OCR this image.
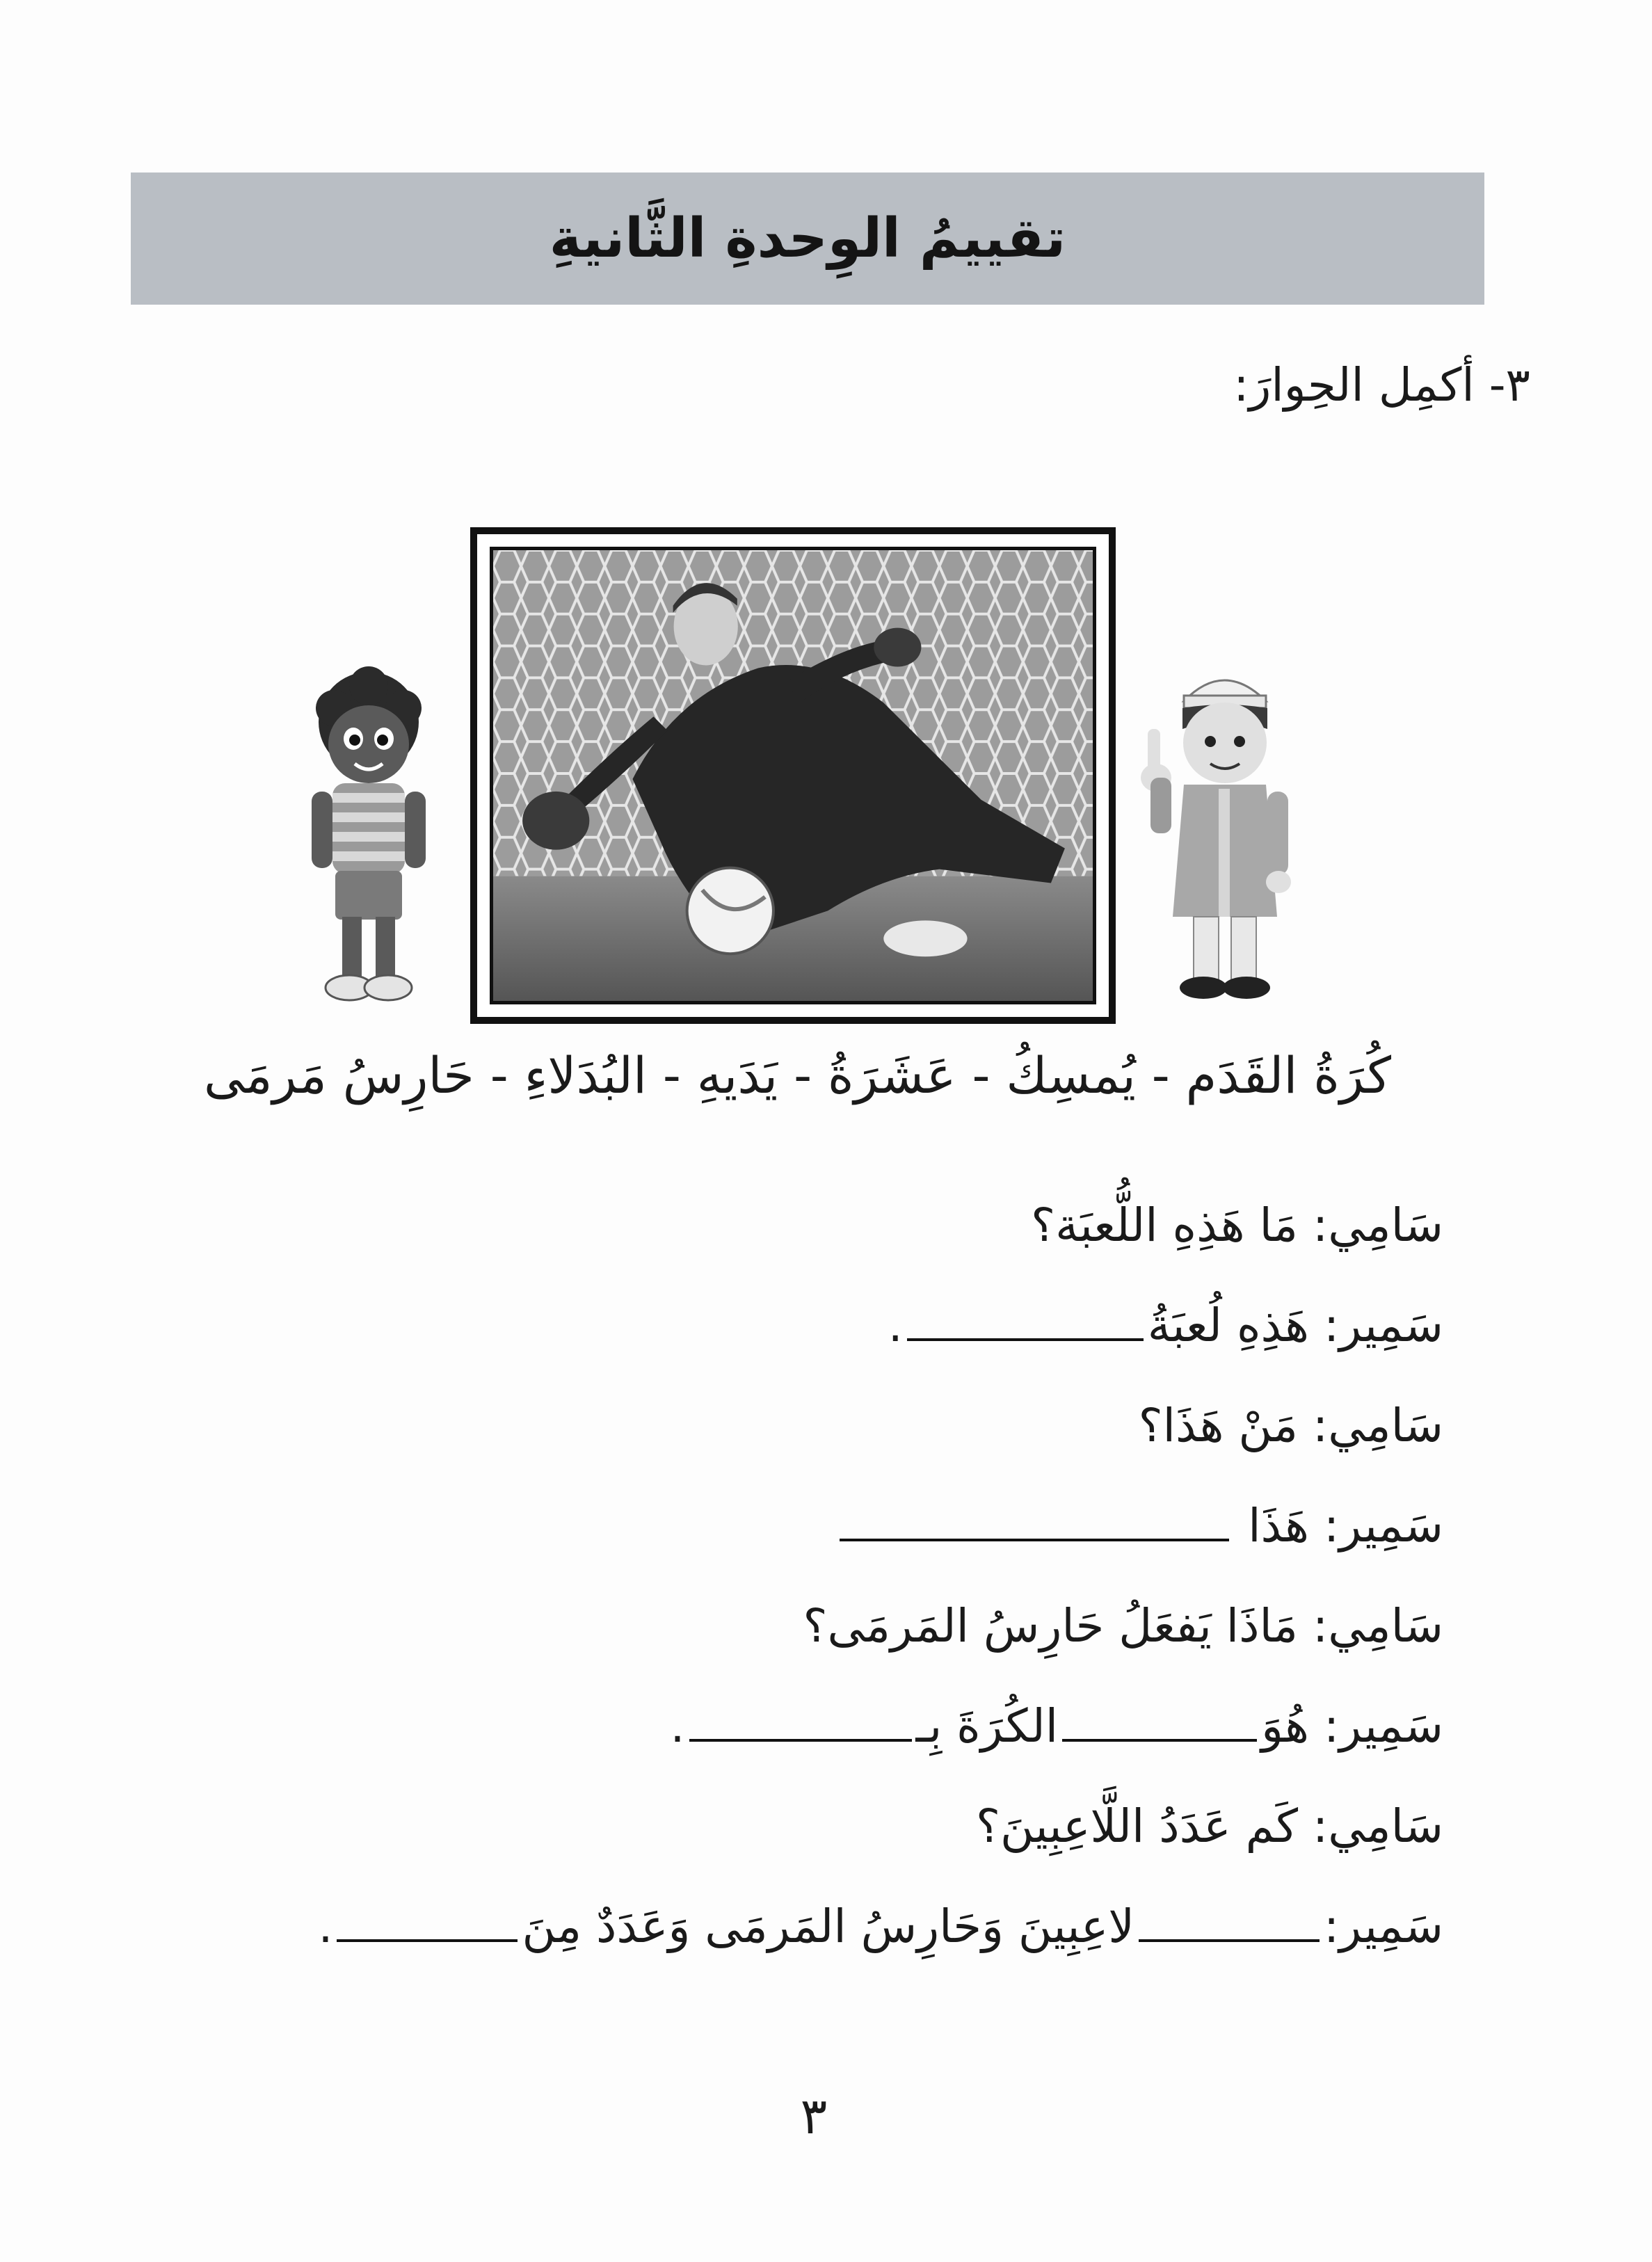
تقييمُ الوِحدةِ الثَّانيةِ
٣- أكمِل الحِوارَ:
كُرَةُ القَدَم - يُمسِكُ - عَشَرَةُ - يَدَيهِ - البُدَلاءِ - حَارِسُ مَرمَى
سَامِي: مَا هَذِهِ اللُّعبَة؟
سَمِير: هَذِهِ لُعبَةُ.
سَامِي: مَنْ هَذَا؟
سَمِير: هَذَا
سَامِي: مَاذَا يَفعَلُ حَارِسُ المَرمَى؟
سَمِير: هُوَالكُرَةَ بِـ.
سَامِي: كَم عَدَدُ اللَّاعِبِينَ؟
سَمِير:لاعِبِينَ وَحَارِسُ المَرمَى وَعَدَدٌ مِنَ.
٣
